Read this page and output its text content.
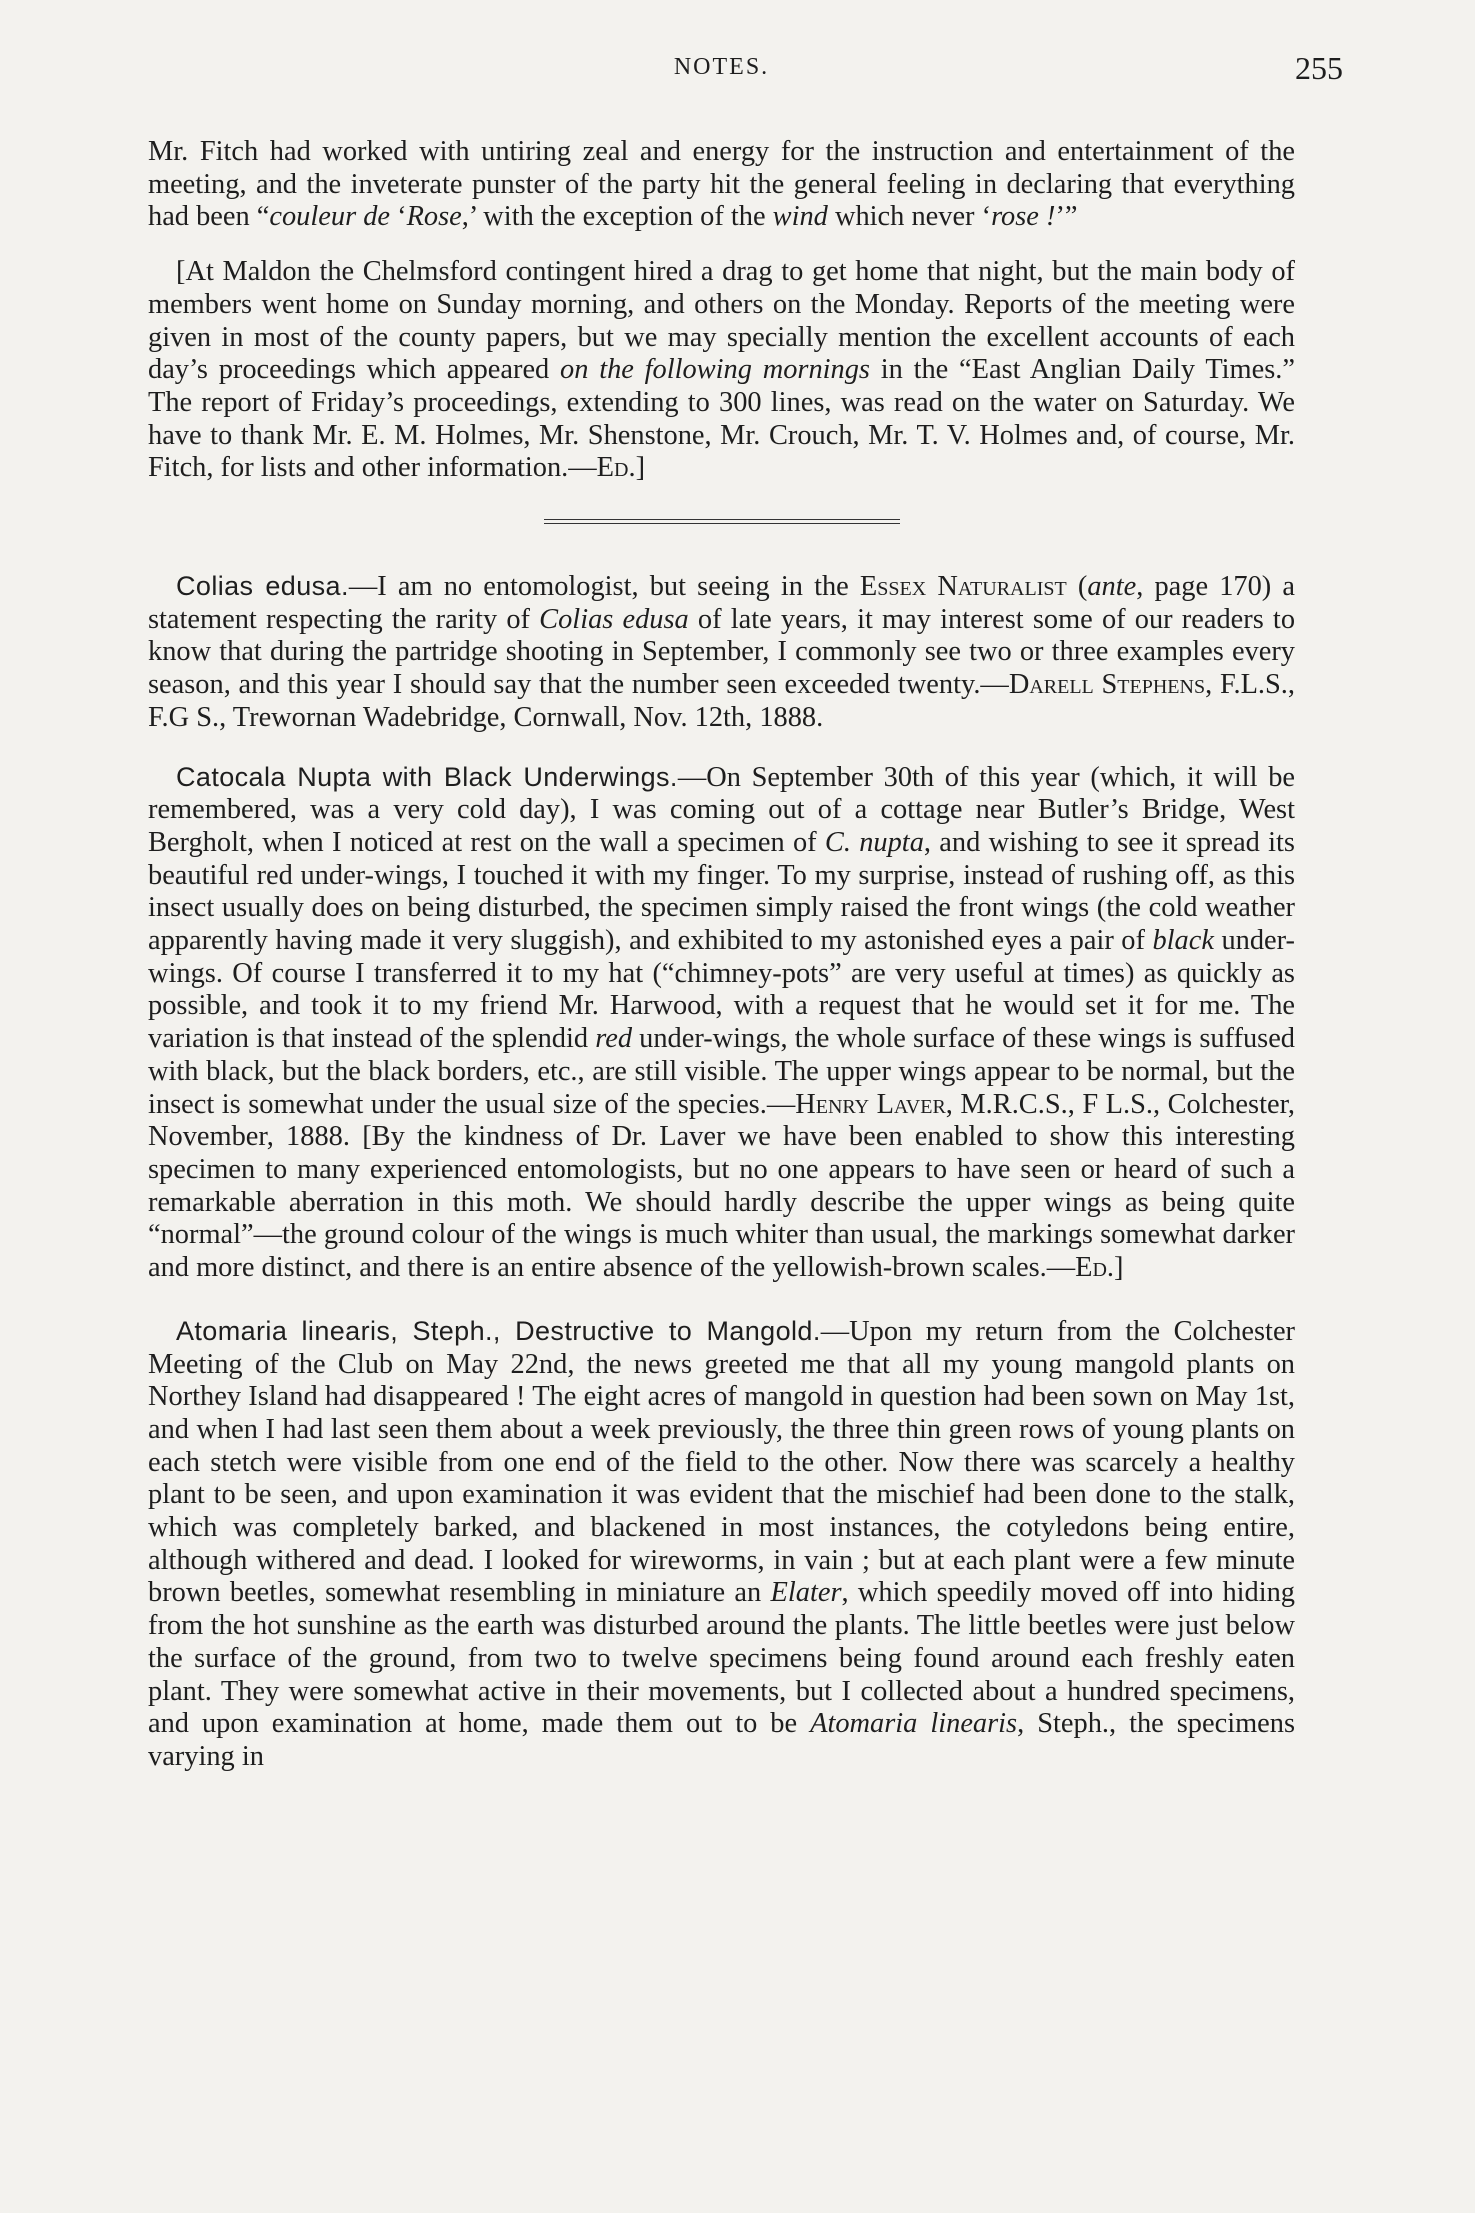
NOTES.	255

Mr. Fitch had worked with untiring zeal and energy for the instruction and entertainment of the meeting, and the inveterate punster of the party hit the general feeling in declaring that everything had been “couleur de ‘Rose,’ with the exception of the wind which never ‘rose !’”

[At Maldon the Chelmsford contingent hired a drag to get home that night, but the main body of members went home on Sunday morning, and others on the Monday. Reports of the meeting were given in most of the county papers, but we may specially mention the excellent accounts of each day’s proceedings which appeared on the following mornings in the “East Anglian Daily Times.” The report of Friday’s proceedings, extending to 300 lines, was read on the water on Saturday. We have to thank Mr. E. M. Holmes, Mr. Shenstone, Mr. Crouch, Mr. T. V. Holmes and, of course, Mr. Fitch, for lists and other information.—Ed.]

Colias edusa.—I am no entomologist, but seeing in the Essex Naturalist (ante, page 170) a statement respecting the rarity of Colias edusa of late years, it may interest some of our readers to know that during the partridge shooting in September, I commonly see two or three examples every season, and this year I should say that the number seen exceeded twenty.—Darell Stephens, F.L.S., F.G S., Trewornan Wadebridge, Cornwall, Nov. 12th, 1888.

Catocala Nupta with Black Underwings.—On September 30th of this year (which, it will be remembered, was a very cold day), I was coming out of a cottage near Butler’s Bridge, West Bergholt, when I noticed at rest on the wall a specimen of C. nupta, and wishing to see it spread its beautiful red under-wings, I touched it with my finger. To my surprise, instead of rushing off, as this insect usually does on being disturbed, the specimen simply raised the front wings (the cold weather apparently having made it very sluggish), and exhibited to my astonished eyes a pair of black under-wings. Of course I transferred it to my hat (“chimney-pots” are very useful at times) as quickly as possible, and took it to my friend Mr. Harwood, with a request that he would set it for me. The variation is that instead of the splendid red under-wings, the whole surface of these wings is suffused with black, but the black borders, etc., are still visible. The upper wings appear to be normal, but the insect is somewhat under the usual size of the species.—Henry Laver, M.R.C.S., F L.S., Colchester, November, 1888. [By the kindness of Dr. Laver we have been enabled to show this interesting specimen to many experienced entomologists, but no one appears to have seen or heard of such a remarkable aberration in this moth. We should hardly describe the upper wings as being quite “normal”—the ground colour of the wings is much whiter than usual, the markings somewhat darker and more distinct, and there is an entire absence of the yellowish-brown scales.—Ed.]

Atomaria linearis, Steph., Destructive to Mangold.—Upon my return from the Colchester Meeting of the Club on May 22nd, the news greeted me that all my young mangold plants on Northey Island had disappeared ! The eight acres of mangold in question had been sown on May 1st, and when I had last seen them about a week previously, the three thin green rows of young plants on each stetch were visible from one end of the field to the other. Now there was scarcely a healthy plant to be seen, and upon examination it was evident that the mischief had been done to the stalk, which was completely barked, and blackened in most instances, the cotyledons being entire, although withered and dead. I looked for wireworms, in vain ; but at each plant were a few minute brown beetles, somewhat resembling in miniature an Elater, which speedily moved off into hiding from the hot sunshine as the earth was disturbed around the plants. The little beetles were just below the surface of the ground, from two to twelve specimens being found around each freshly eaten plant. They were somewhat active in their movements, but I collected about a hundred specimens, and upon examination at home, made them out to be Atomaria linearis, Steph., the specimens varying in
